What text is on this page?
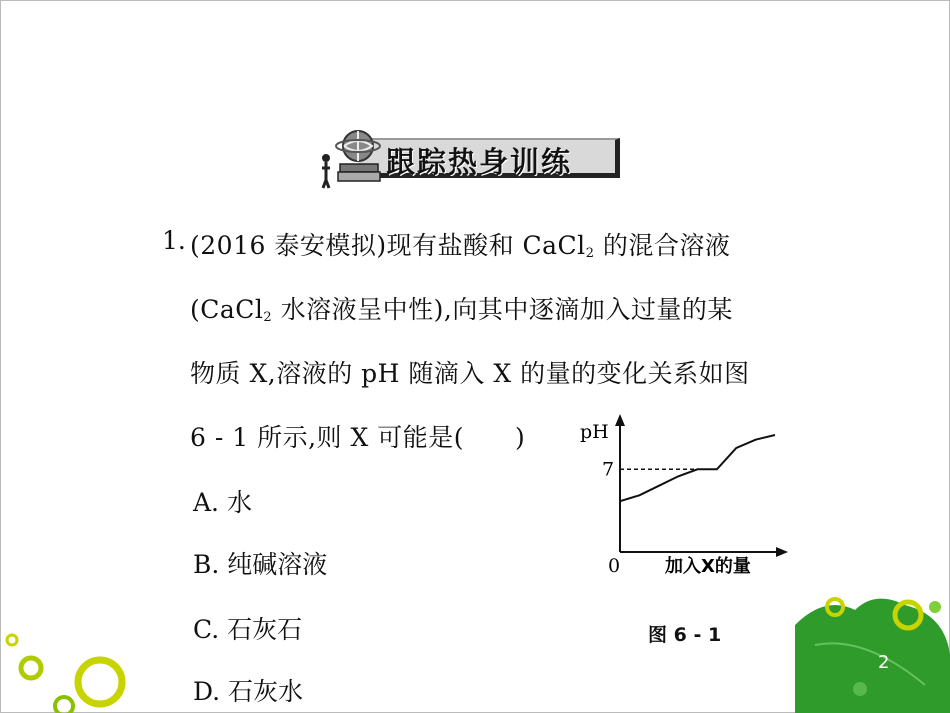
跟踪热身训练
1. (2016 泰安模拟)现有盐酸和 CaCl$_2$ 的混合溶液
(CaCl$_2$ 水溶液呈中性),向其中逐滴加入过量的某
物质 X,溶液的 pH 随滴入 X 的量的变化关系如图
6 - 1 所示,则 X 可能是(　　)
A. 水
B. 纯碱溶液
C. 石灰石
D. 石灰水
pH
7
0 加入X的量
图 6 - 1
2
